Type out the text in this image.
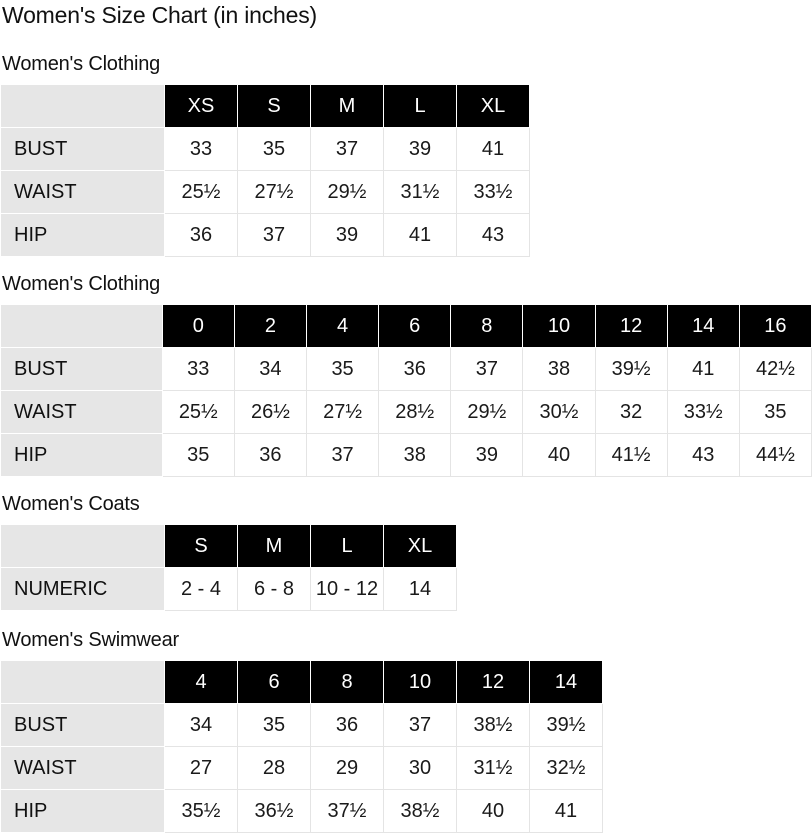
Women's Size Chart (in inches)
Women's Clothing
	XS	S	M	L	XL
BUST	33	35	37	39	41
WAIST	25½	27½	29½	31½	33½
HIP	36	37	39	41	43
Women's Clothing
	0	2	4	6	8	10	12	14	16
BUST	33	34	35	36	37	38	39½	41	42½
WAIST	25½	26½	27½	28½	29½	30½	32	33½	35
HIP	35	36	37	38	39	40	41½	43	44½
Women's Coats
	S	M	L	XL
NUMERIC	2 - 4	6 - 8	10 - 12	14
Women's Swimwear
	4	6	8	10	12	14
BUST	34	35	36	37	38½	39½
WAIST	27	28	29	30	31½	32½
HIP	35½	36½	37½	38½	40	41
